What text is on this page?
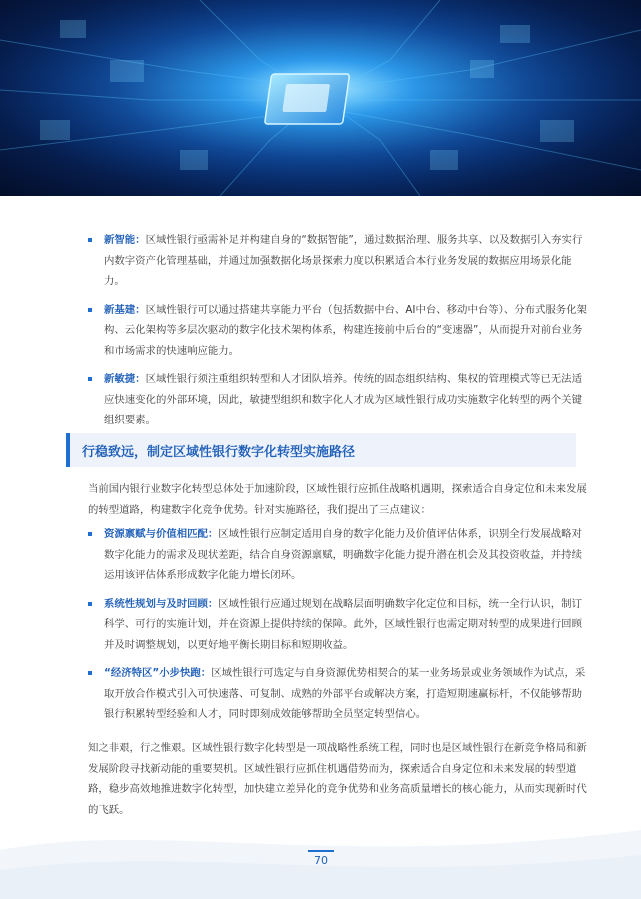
新智能：区域性银行亟需补足并构建自身的“数据智能”，通过数据治理、服务共享、以及数据引入夯实行内数字资产化管理基础，并通过加强数据化场景探索力度以积累适合本行业务发展的数据应用场景化能力。
新基建：区域性银行可以通过搭建共享能力平台（包括数据中台、AI中台、移动中台等）、分布式服务化架构、云化架构等多层次驱动的数字化技术架构体系，构建连接前中后台的“变速器”，从而提升对前台业务和市场需求的快速响应能力。
新敏捷：区域性银行须注重组织转型和人才团队培养。传统的固态组织结构、集权的管理模式等已无法适应快速变化的外部环境，因此，敏捷型组织和数字化人才成为区域性银行成功实施数字化转型的两个关键组织要素。
行稳致远，制定区域性银行数字化转型实施路径
当前国内银行业数字化转型总体处于加速阶段，区域性银行应抓住战略机遇期，探索适合自身定位和未来发展的转型道路，构建数字化竞争优势。针对实施路径，我们提出了三点建议：
资源禀赋与价值相匹配：区域性银行应制定适用自身的数字化能力及价值评估体系，识别全行发展战略对数字化能力的需求及现状差距，结合自身资源禀赋，明确数字化能力提升潜在机会及其投资收益，并持续运用该评估体系形成数字化能力增长闭环。
系统性规划与及时回顾：区域性银行应通过规划在战略层面明确数字化定位和目标，统一全行认识，制订科学、可行的实施计划，并在资源上提供持续的保障。此外，区域性银行也需定期对转型的成果进行回顾并及时调整规划，以更好地平衡长期目标和短期收益。
“经济特区”小步快跑：区域性银行可选定与自身资源优势相契合的某一业务场景或业务领域作为试点，采取开放合作模式引入可快速落、可复制、成熟的外部平台或解决方案，打造短期速赢标杆，不仅能够帮助银行积累转型经验和人才，同时即刻成效能够帮助全员坚定转型信心。
知之非艰，行之惟艰。区域性银行数字化转型是一项战略性系统工程，同时也是区域性银行在新竞争格局和新发展阶段寻找新动能的重要契机。区域性银行应抓住机遇借势而为，探索适合自身定位和未来发展的转型道路，稳步高效地推进数字化转型，加快建立差异化的竞争优势和业务高质量增长的核心能力，从而实现新时代的飞跃。
70
